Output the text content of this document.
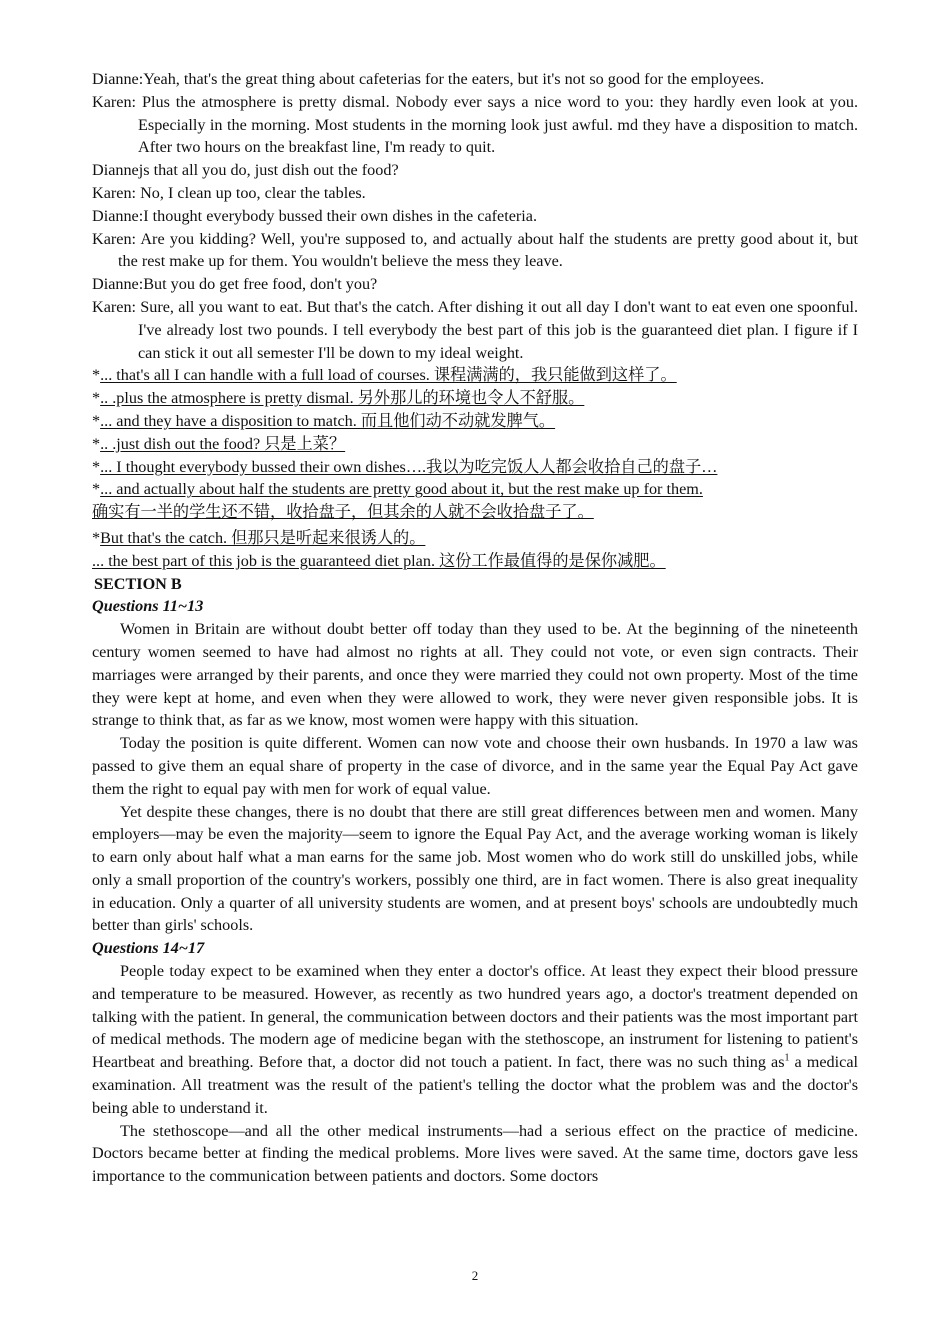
Dianne:Yeah, that's the great thing about cafeterias for the eaters, but it's not so good for the employees.

Karen: Plus the atmosphere is pretty dismal. Nobody ever says a nice word to you: they hardly even look at you. Especially in the morning. Most students in the morning look just awful. md they have a disposition to match. After two hours on the breakfast line, I'm ready to quit.

Diannejs that all you do, just dish out the food?

Karen: No, I clean up too, clear the tables.

Dianne:I thought everybody bussed their own dishes in the cafeteria.

Karen: Are you kidding? Well, you're supposed to, and actually about half the students are pretty good about it, but the rest make up for them. You wouldn't believe the mess they leave.

Dianne:But you do get free food, don't you?

Karen: Sure, all you want to eat. But that's the catch. After dishing it out all day I don't want to eat even one spoonful. I've already lost two pounds. I tell everybody the best part of this job is the guaranteed diet plan. I figure if I can stick it out all semester I'll be down to my ideal weight.

*... that's all I can handle with a full load of courses. 课程满满的，我只能做到这样了。

*.. .plus the atmosphere is pretty dismal. 另外那儿的环境也令人不舒服。

*... and they have a disposition to match. 而且他们动不动就发脾气。

*.. .just dish out the food? 只是上菜？

*... I thought everybody bussed their own dishes….我以为吃完饭人人都会收拾自己的盘子…

*... and actually about half the students are pretty good about it, but the rest make up for them.

确实有一半的学生还不错，收拾盘子，但其余的人就不会收拾盘子了。

*But that's the catch. 但那只是听起来很诱人的。

... the best part of this job is the guaranteed diet plan. 这份工作最值得的是保你减肥。

SECTION B

Questions 11~13

Women in Britain are without doubt better off today than they used to be. At the beginning of the nineteenth century women seemed to have had almost no rights at all. They could not vote, or even sign contracts. Their marriages were arranged by their parents, and once they were married they could not own property. Most of the time they were kept at home, and even when they were allowed to work, they were never given responsible jobs. It is strange to think that, as far as we know, most women were happy with this situation.

Today the position is quite different. Women can now vote and choose their own husbands. In 1970 a law was passed to give them an equal share of property in the case of divorce, and in the same year the Equal Pay Act gave them the right to equal pay with men for work of equal value.

Yet despite these changes, there is no doubt that there are still great differences between men and women. Many employers—may be even the majority—seem to ignore the Equal Pay Act, and the average working woman is likely to earn only about half what a man earns for the same job. Most women who do work still do unskilled jobs, while only a small proportion of the country's workers, possibly one third, are in fact women. There is also great inequality in education. Only a quarter of all university students are women, and at present boys' schools are undoubtedly much better than girls' schools.

Questions 14~17

People today expect to be examined when they enter a doctor's office. At least they expect their blood pressure and temperature to be measured. However, as recently as two hundred years ago, a doctor's treatment depended on talking with the patient. In general, the communication between doctors and their patients was the most important part of medical methods. The modern age of medicine began with the stethoscope, an instrument for listening to patient's Heartbeat and breathing. Before that, a doctor did not touch a patient. In fact, there was no such thing $as^1$ a medical examination. All treatment was the result of the patient's telling the doctor what the problem was and the doctor's being able to understand it.

The stethoscope—and all the other medical instruments—had a serious effect on the practice of medicine. Doctors became better at finding the medical problems. More lives were saved. At the same time, doctors gave less importance to the communication between patients and doctors. Some doctors

2
